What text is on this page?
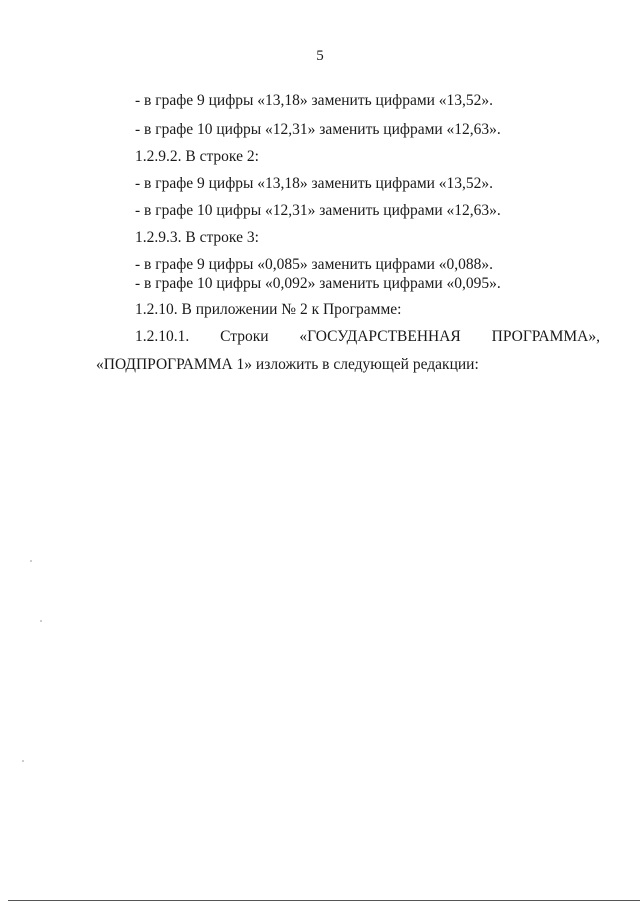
5
- в графе 9 цифры «13,18» заменить цифрами «13,52».
- в графе 10 цифры «12,31» заменить цифрами «12,63».
1.2.9.2. В строке 2:
- в графе 9 цифры «13,18» заменить цифрами «13,52».
- в графе 10 цифры «12,31» заменить цифрами «12,63».
1.2.9.3. В строке 3:
- в графе 9 цифры «0,085» заменить цифрами «0,088».
- в графе 10 цифры «0,092» заменить цифрами «0,095».
1.2.10. В приложении № 2 к Программе:
1.2.10.1. Строки «ГОСУДАРСТВЕННАЯ ПРОГРАММА»,
«ПОДПРОГРАММА 1» изложить в следующей редакции:
